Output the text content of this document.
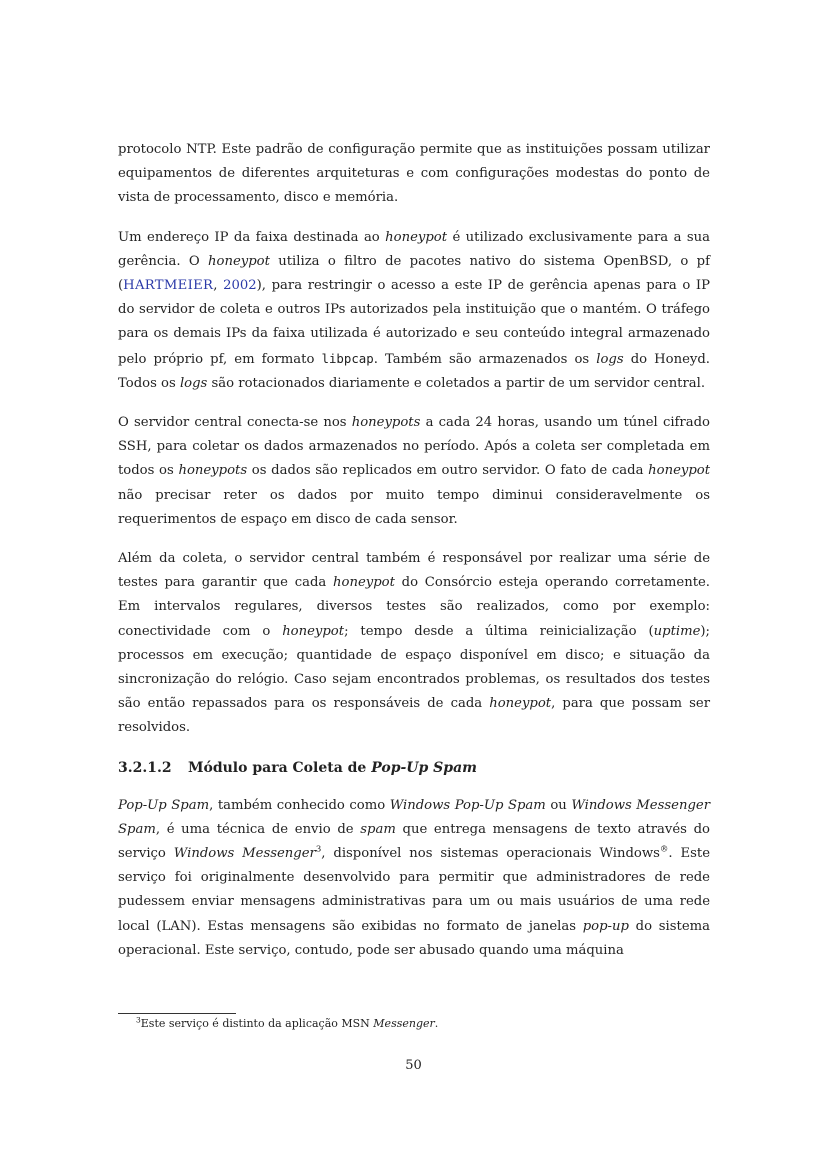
protocolo NTP. Este padrão de configuração permite que as instituições possam utilizar equipamentos de diferentes arquiteturas e com configurações modestas do ponto de vista de processamento, disco e memória.

Um endereço IP da faixa destinada ao honeypot é utilizado exclusivamente para a sua gerência. O honeypot utiliza o filtro de pacotes nativo do sistema OpenBSD, o pf (HARTMEIER, 2002), para restringir o acesso a este IP de gerência apenas para o IP do servidor de coleta e outros IPs autorizados pela instituição que o mantém. O tráfego para os demais IPs da faixa utilizada é autorizado e seu conteúdo integral armazenado pelo próprio pf, em formato libpcap. Também são armazenados os logs do Honeyd. Todos os logs são rotacionados diariamente e coletados a partir de um servidor central.

O servidor central conecta-se nos honeypots a cada 24 horas, usando um túnel cifrado SSH, para coletar os dados armazenados no período. Após a coleta ser completada em todos os honeypots os dados são replicados em outro servidor. O fato de cada honeypot não precisar reter os dados por muito tempo diminui consideravelmente os requerimentos de espaço em disco de cada sensor.

Além da coleta, o servidor central também é responsável por realizar uma série de testes para garantir que cada honeypot do Consórcio esteja operando corretamente. Em intervalos regulares, diversos testes são realizados, como por exemplo: conectividade com o honeypot; tempo desde a última reinicialização (uptime); processos em execução; quantidade de espaço disponível em disco; e situação da sincronização do relógio. Caso sejam encontrados problemas, os resultados dos testes são então repassados para os responsáveis de cada honeypot, para que possam ser resolvidos.

3.2.1.2 Módulo para Coleta de Pop-Up Spam

Pop-Up Spam, também conhecido como Windows Pop-Up Spam ou Windows Messenger Spam, é uma técnica de envio de spam que entrega mensagens de texto através do serviço Windows Messenger$^3$, disponível nos sistemas operacionais Windows®. Este serviço foi originalmente desenvolvido para permitir que administradores de rede pudessem enviar mensagens administrativas para um ou mais usuários de uma rede local (LAN). Estas mensagens são exibidas no formato de janelas pop-up do sistema operacional. Este serviço, contudo, pode ser abusado quando uma máquina

$^3$Este serviço é distinto da aplicação MSN Messenger.
50
